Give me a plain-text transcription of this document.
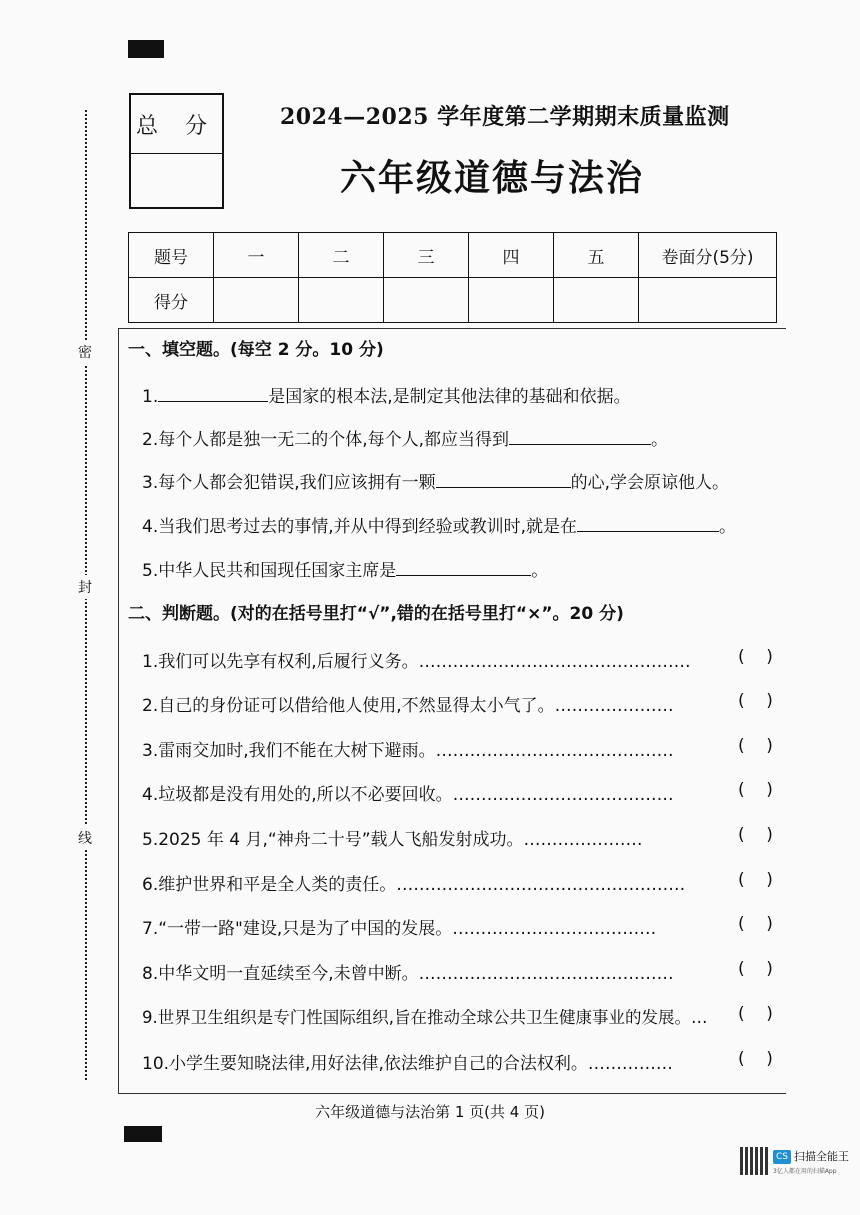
总 分	2024—2025 学年度第二学期期末质量监测
六年级道德与法治
题号	一	二	三	四	五	卷面分(5分)
得分						
密
封
线
一、填空题。(每空 2 分。10 分)
1.	是国家的根本法,是制定其他法律的基础和依据。
2.每个人都是独一无二的个体,每个人,都应当得到	。
3.每个人都会犯错误,我们应该拥有一颗	的心,学会原谅他人。
4.当我们思考过去的事情,并从中得到经验或教训时,就是在	。
5.中华人民共和国现任国家主席是	。
二、判断题。(对的在括号里打“√”,错的在括号里打“×”。20 分)
1.我们可以先享有权利,后履行义务。…………………………………………	(    )
2.自己的身份证可以借给他人使用,不然显得太小气了。…………………	(    )
3.雷雨交加时,我们不能在大树下避雨。……………………………………	(    )
4.垃圾都是没有用处的,所以不必要回收。…………………………………	(    )
5.2025 年 4 月,“神舟二十号”载人飞船发射成功。…………………	(    )
6.维护世界和平是全人类的责任。……………………………………………	(    )
7.“一带一路"建设,只是为了中国的发展。………………………………	(    )
8.中华文明一直延续至今,未曾中断。………………………………………	(    )
9.世界卫生组织是专门性国际组织,旨在推动全球公共卫生健康事业的发展。… (    )
10.小学生要知晓法律,用好法律,依法维护自己的合法权利。……………	(    )
六年级道德与法治第 1 页(共 4 页)
CS 扫描全能王
3亿人都在用的扫描App
